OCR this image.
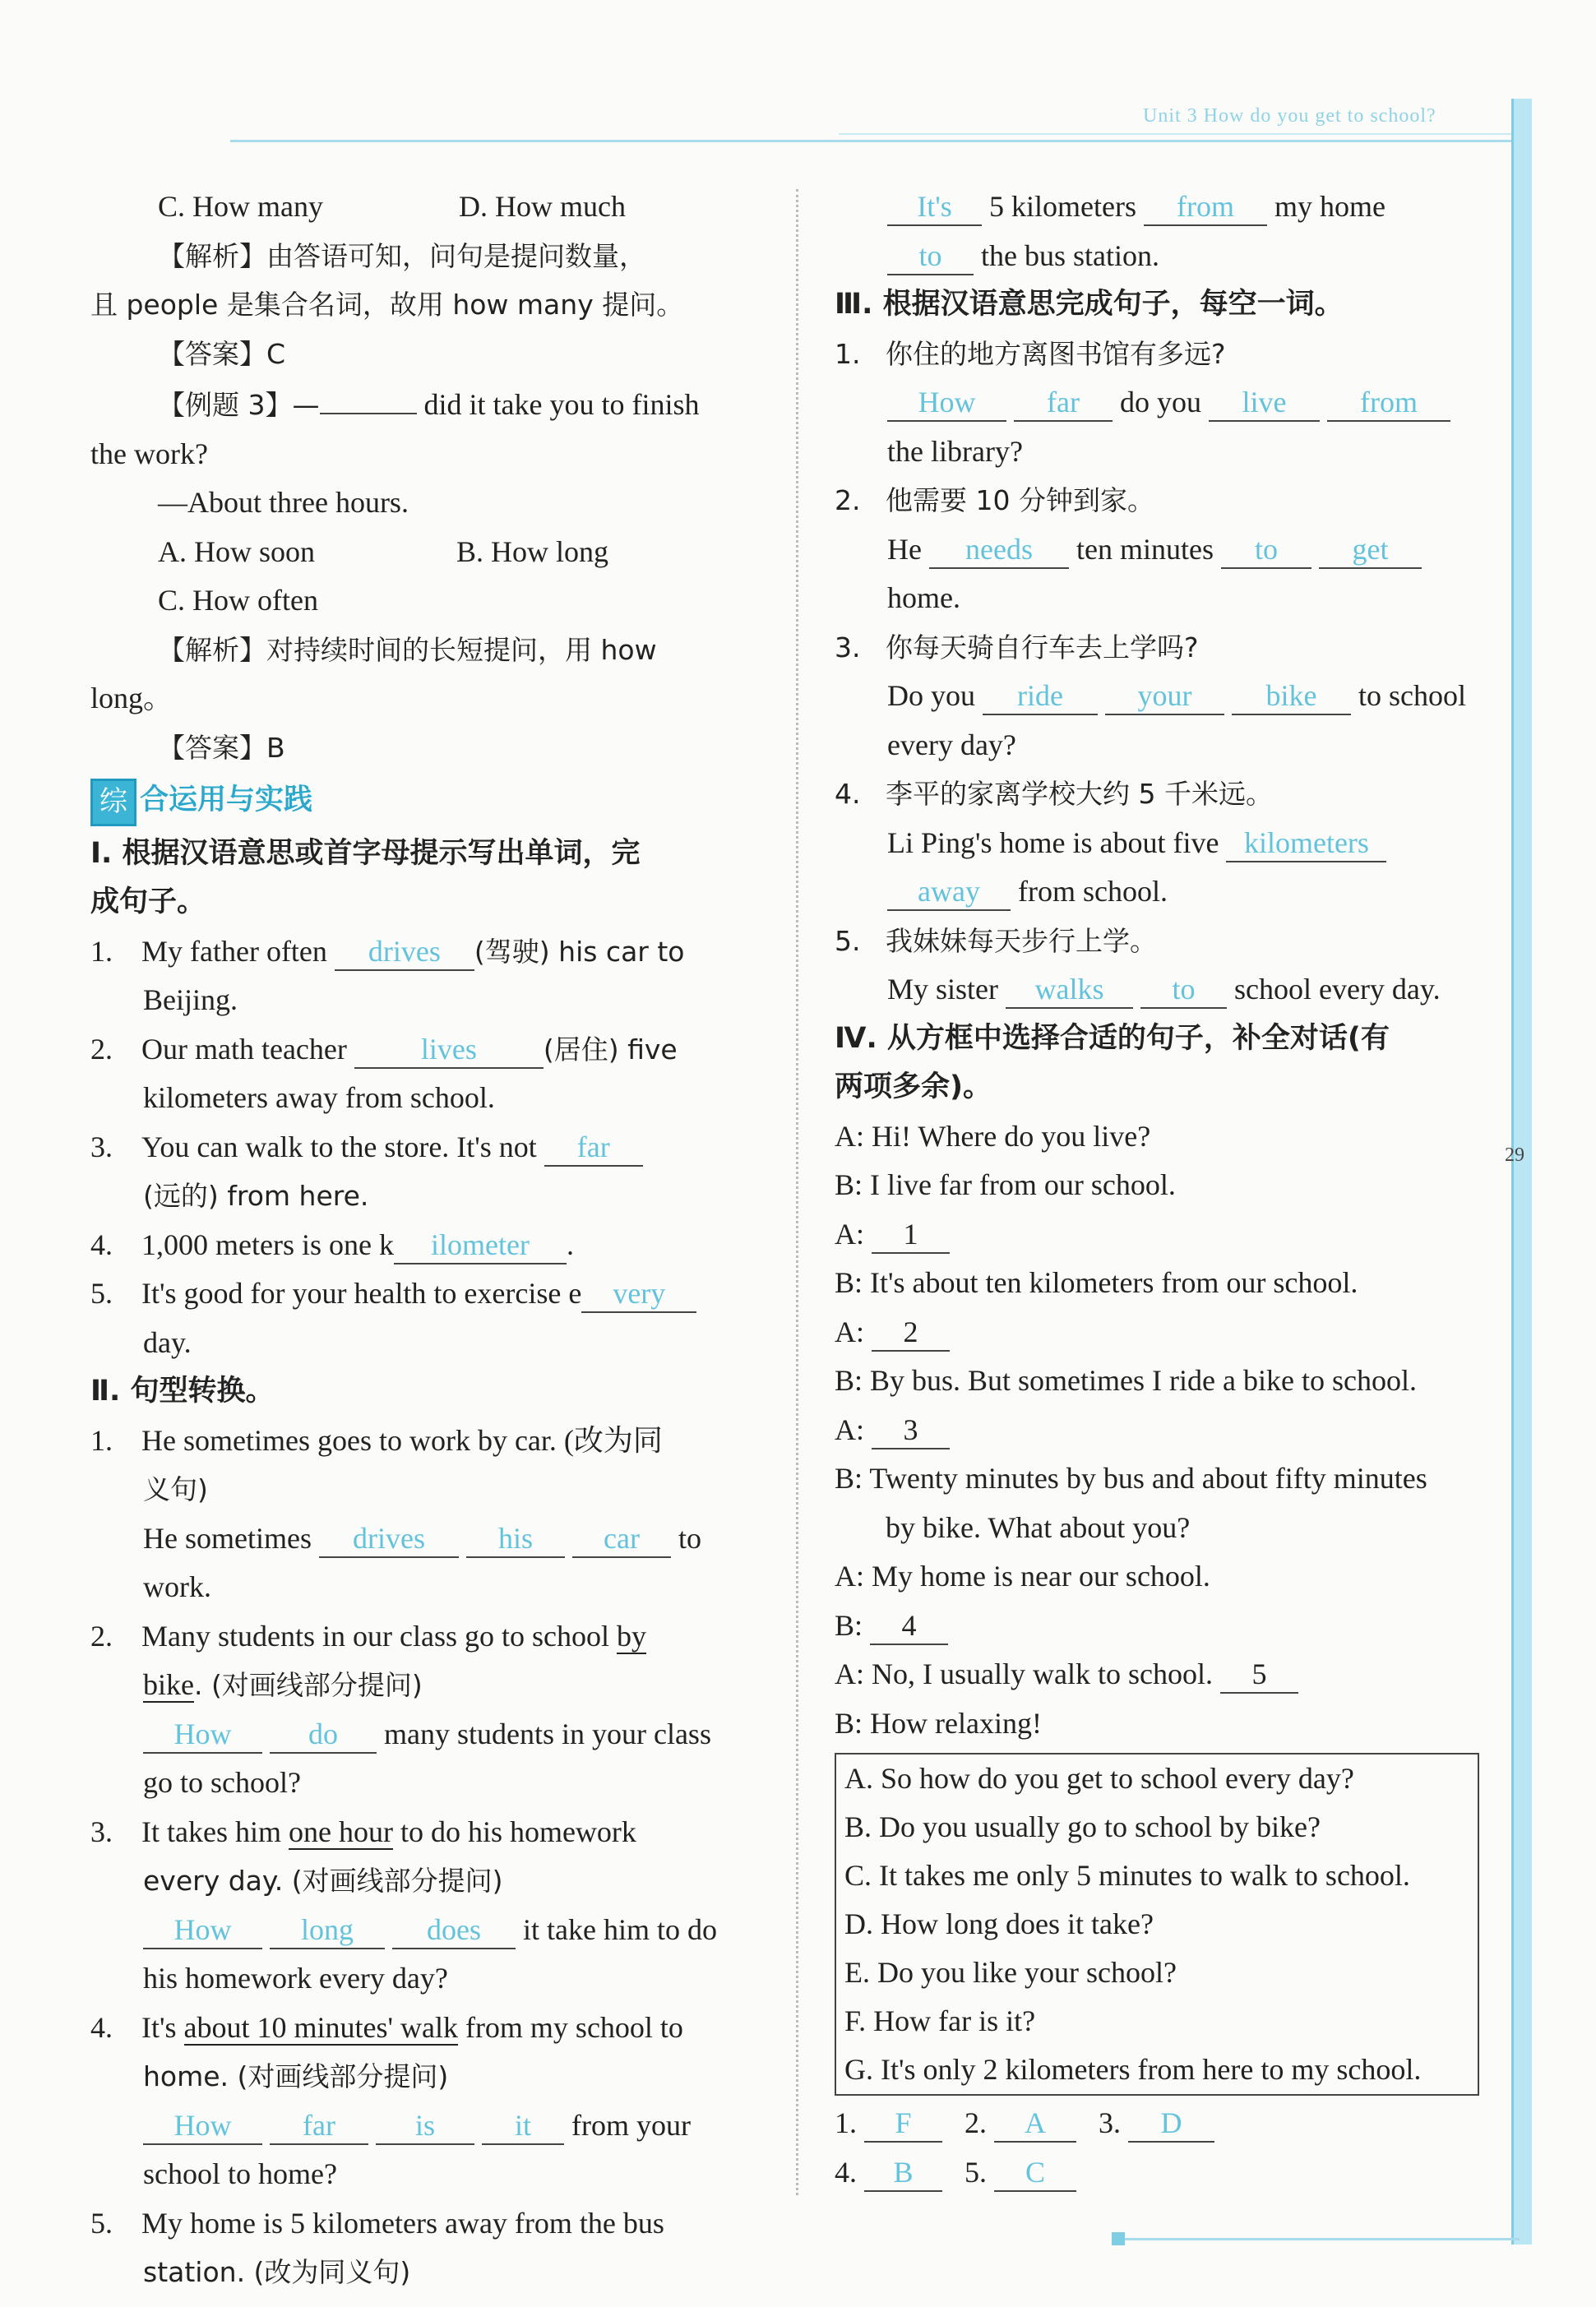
Unit 3 How do you get to school?
29
C. How many	D. How much
【解析】由答语可知，问句是提问数量，
且 people 是集合名词，故用 how many 提问。
【答案】C
【例题 3】—	did it take you to finish
the work?
—About three hours.
A. How soon	B. How long
C. How often
【解析】对持续时间的长短提问，用 how
long。
【答案】B
综 合运用与实践
Ⅰ. 根据汉语意思或首字母提示写出单词，完
成句子。
1. My father often drives (驾驶) his car to
Beijing.
2. Our math teacher	lives (居住) five
kilometers away from school.
3. You can walk to the store. It's not far
(远的) from here.
4. 1,000 meters is one k ilometer .
5. It's good for your health to exercise e very
day.
Ⅱ. 句型转换。
1. He sometimes goes to work by car. (改为同
义句)
He sometimes drives his car to
work.
2. Many students in our class go to school by
bike. (对画线部分提问)
How	do many students in your class
go to school?
3. It takes him one hour to do his homework
every day. (对画线部分提问)
How long does it take him to do
his homework every day?
4. It's about 10 minutes' walk from my school to
home. (对画线部分提问)
How far	is	it from your
school to home?
5. My home is 5 kilometers away from the bus
station. (改为同义句)
It's 5 kilometers from my home
to the bus station.
Ⅲ. 根据汉语意思完成句子，每空一词。
1. 你住的地方离图书馆有多远?
How far do you live from
the library?
2. 他需要 10 分钟到家。
He needs ten minutes to	get
home.
3. 你每天骑自行车去上学吗?
Do you ride	your	bike to school
every day?
4. 李平的家离学校大约 5 千米远。
Li Ping's home is about five kilometers
away from school.
5. 我妹妹每天步行上学。
My sister walks to school every day.
Ⅳ. 从方框中选择合适的句子，补全对话(有
两项多余)。
A: Hi! Where do you live?
B: I live far from our school.
A: 1
B: It's about ten kilometers from our school.
A: 2
B: By bus. But sometimes I ride a bike to school.
A: 3
B: Twenty minutes by bus and about fifty minutes
by bike. What about you?
A: My home is near our school.
B: 4
A: No, I usually walk to school. 5
B: How relaxing!
A. So how do you get to school every day?
B. Do you usually go to school by bike?
C. It takes me only 5 minutes to walk to school.
D. How long does it take?
E. Do you like your school?
F. How far is it?
G. It's only 2 kilometers from here to my school.
1. F 2. A 3. D
4. B 5. C
